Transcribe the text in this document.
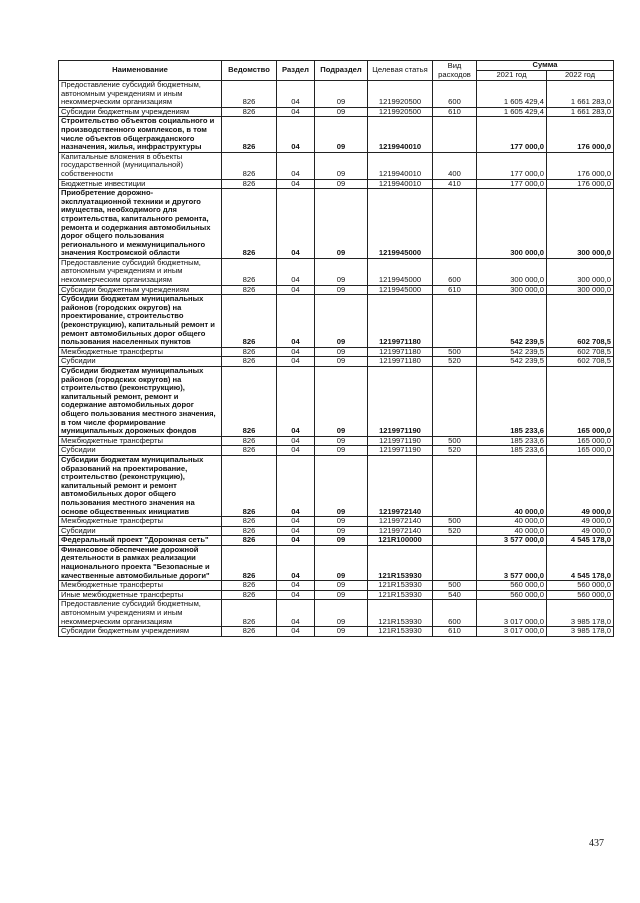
Наименование	Ведомство	Раздел	Подраздел	Целевая статья	Вид расходов	Сумма	
						2021 год	2022 год
Предоставление субсидий бюджетным, автономным учреждениям и иным некоммерческим организациям	826	04	09	1219920500	600	1 605 429,4	1 661 283,0
Субсидии бюджетным учреждениям	826	04	09	1219920500	610	1 605 429,4	1 661 283,0
Строительство объектов социального и производственного комплексов, в том числе объектов общегражданского назначения, жилья, инфраструктуры	826	04	09	1219940010		177 000,0	176 000,0
Капитальные вложения в объекты государственной (муниципальной) собственности	826	04	09	1219940010	400	177 000,0	176 000,0
Бюджетные инвестиции	826	04	09	1219940010	410	177 000,0	176 000,0
Приобретение дорожно-эксплуатационной техники и другого имущества, необходимого для строительства, капитального ремонта, ремонта и содержания автомобильных дорог общего пользования регионального и межмуниципального значения Костромской области	826	04	09	1219945000		300 000,0	300 000,0
Предоставление субсидий бюджетным, автономным учреждениям и иным некоммерческим организациям	826	04	09	1219945000	600	300 000,0	300 000,0
Субсидии бюджетным учреждениям	826	04	09	1219945000	610	300 000,0	300 000,0
Субсидии бюджетам муниципальных районов (городских округов) на проектирование, строительство (реконструкцию), капитальный ремонт и ремонт автомобильных дорог общего пользования населенных пунктов	826	04	09	1219971180		542 239,5	602 708,5
Межбюджетные трансферты	826	04	09	1219971180	500	542 239,5	602 708,5
Субсидии	826	04	09	1219971180	520	542 239,5	602 708,5
Субсидии бюджетам муниципальных районов (городских округов) на строительство (реконструкцию), капитальный ремонт, ремонт и содержание автомобильных дорог общего пользования местного значения, в том числе формирование муниципальных дорожных фондов	826	04	09	1219971190		185 233,6	165 000,0
Межбюджетные трансферты	826	04	09	1219971190	500	185 233,6	165 000,0
Субсидии	826	04	09	1219971190	520	185 233,6	165 000,0
Субсидии бюджетам муниципальных образований на проектирование, строительство (реконструкцию), капитальный ремонт и ремонт автомобильных дорог общего пользования местного значения на основе общественных инициатив	826	04	09	1219972140		40 000,0	49 000,0
Межбюджетные трансферты	826	04	09	1219972140	500	40 000,0	49 000,0
Субсидии	826	04	09	1219972140	520	40 000,0	49 000,0
Федеральный проект "Дорожная сеть"	826	04	09	121R100000		3 577 000,0	4 545 178,0
Финансовое обеспечение дорожной деятельности в рамках реализации национального проекта "Безопасные и качественные автомобильные дороги"	826	04	09	121R153930		3 577 000,0	4 545 178,0
Межбюджетные трансферты	826	04	09	121R153930	500	560 000,0	560 000,0
Иные межбюджетные трансферты	826	04	09	121R153930	540	560 000,0	560 000,0
Предоставление субсидий бюджетным, автономным учреждениям и иным некоммерческим организациям	826	04	09	121R153930	600	3 017 000,0	3 985 178,0
Субсидии бюджетным учреждениям	826	04	09	121R153930	610	3 017 000,0	3 985 178,0
437
